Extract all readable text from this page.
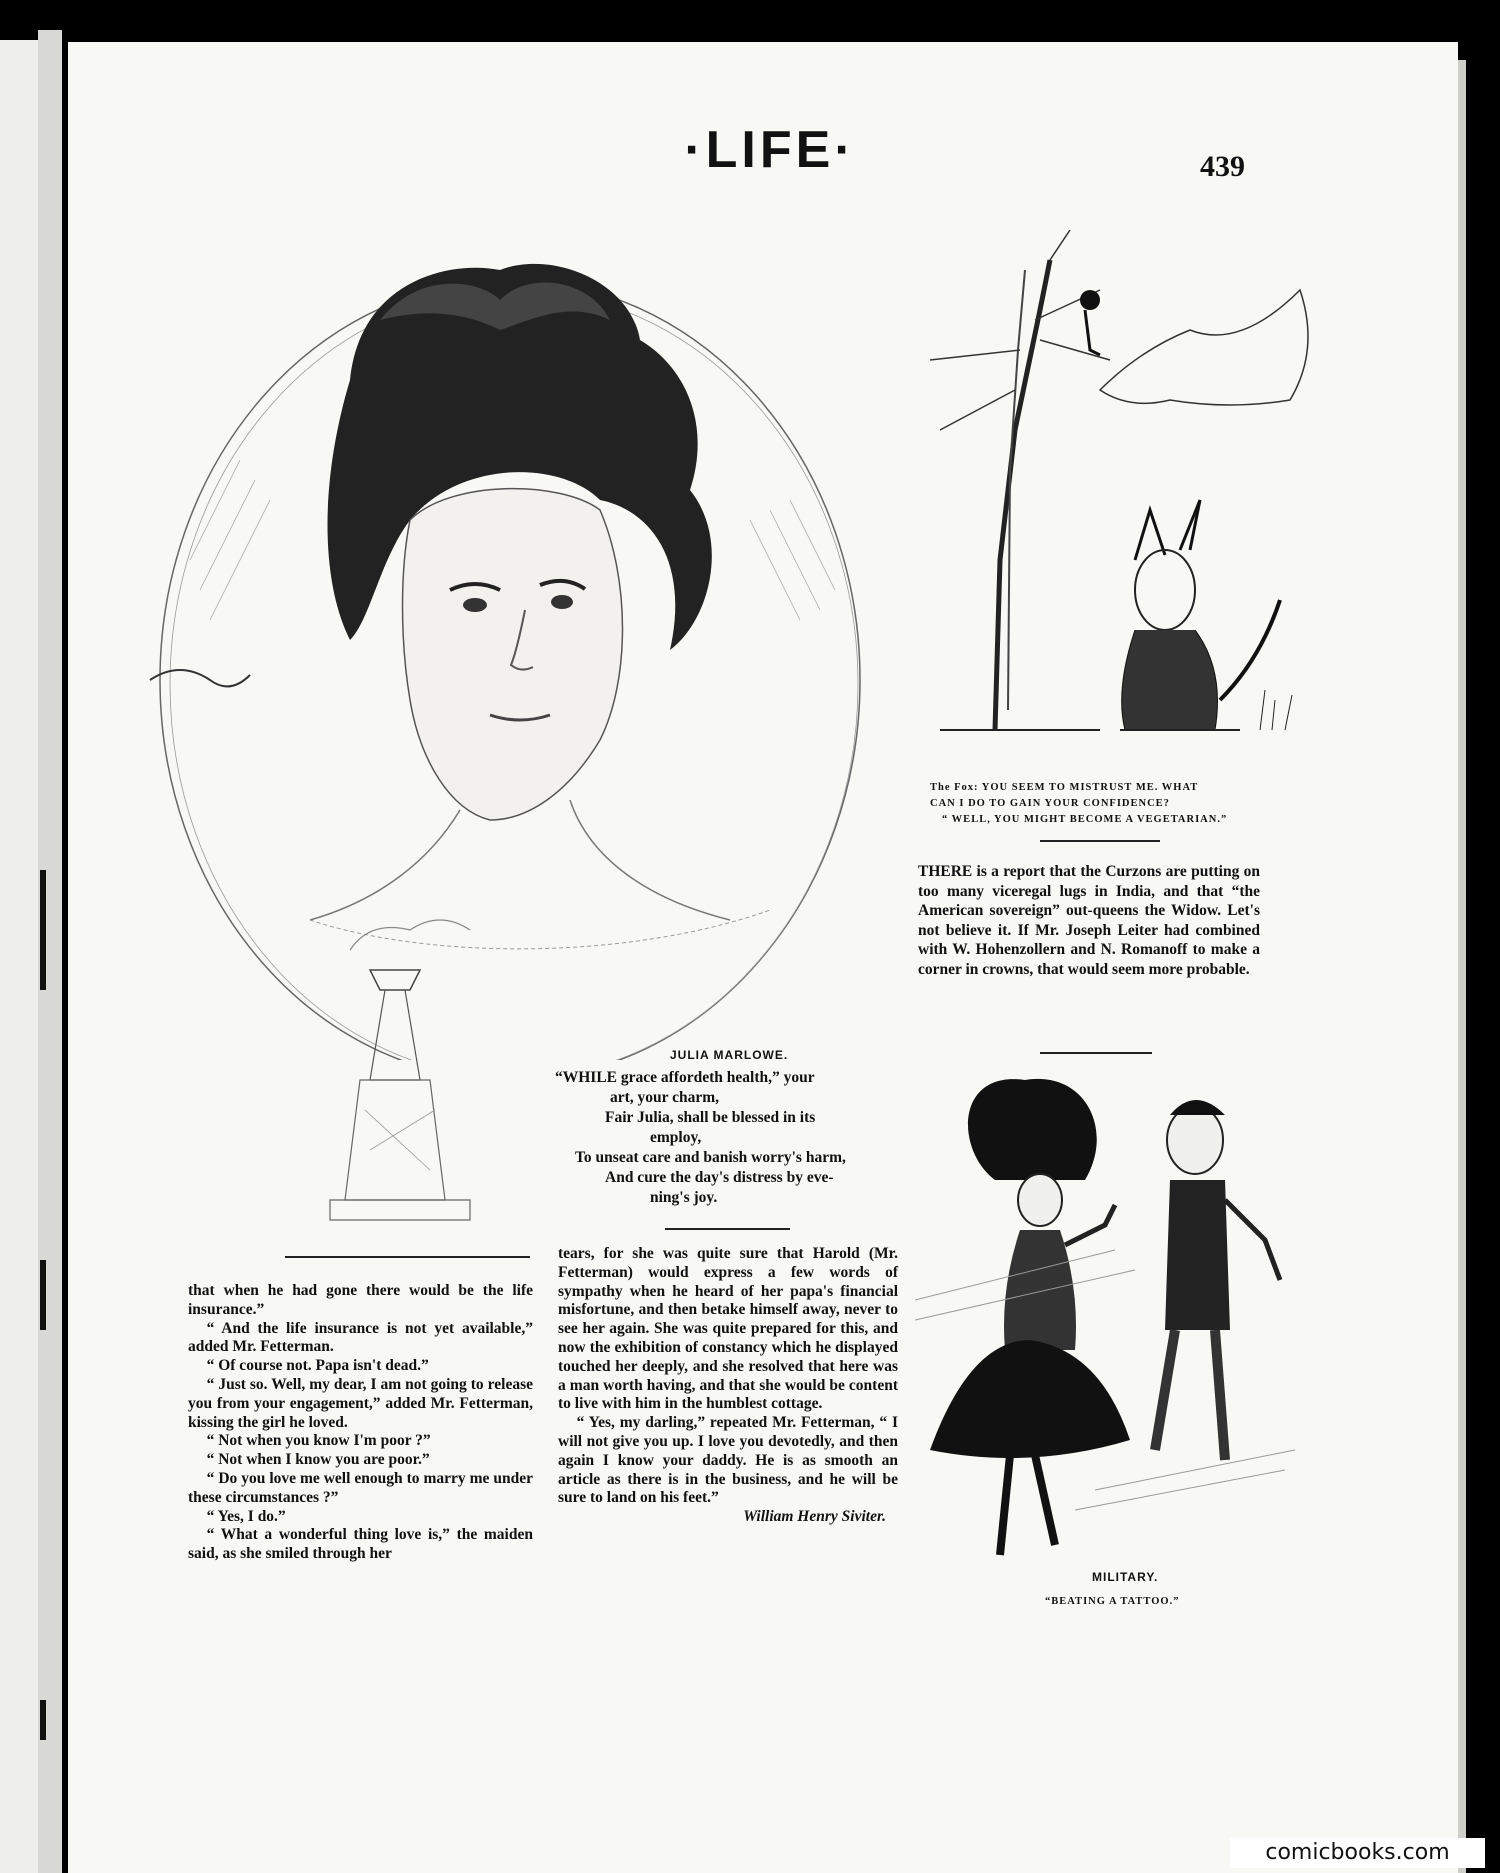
·LIFE·	439
JULIA MARLOWE.
“WHILE grace affordeth health,” your
art, your charm,
Fair Julia, shall be blessed in its
employ,
To unseat care and banish worry's harm,
And cure the day's distress by eve-
ning's joy.
The Fox: YOU SEEM TO MISTRUST ME. WHAT
CAN I DO TO GAIN YOUR CONFIDENCE?
“ WELL, YOU MIGHT BECOME A VEGETARIAN.”
THERE is a report that the Curzons are putting on too many viceregal lugs in India, and that “the American sovereign” out-queens the Widow. Let's not believe it. If Mr. Joseph Leiter had combined with W. Hohenzollern and N. Romanoff to make a corner in crowns, that would seem more probable.
MILITARY.
“BEATING A TATTOO.”

that when he had gone there would be the life insurance.”

“ And the life insurance is not yet available,” added Mr. Fetterman.

“ Of course not. Papa isn't dead.”

“ Just so. Well, my dear, I am not going to release you from your engagement,” added Mr. Fetterman, kissing the girl he loved.

“ Not when you know I'm poor ?”

“ Not when I know you are poor.”

“ Do you love me well enough to marry me under these circumstances ?”

“ Yes, I do.”

“ What a wonderful thing love is,” the maiden said, as she smiled through her

tears, for she was quite sure that Harold (Mr. Fetterman) would express a few words of sympathy when he heard of her papa's financial misfortune, and then betake himself away, never to see her again. She was quite prepared for this, and now the exhibition of constancy which he displayed touched her deeply, and she resolved that here was a man worth having, and that she would be content to live with him in the humblest cottage.

“ Yes, my darling,” repeated Mr. Fetterman, “ I will not give you up. I love you devotedly, and then again I know your daddy. He is as smooth an article as there is in the business, and he will be sure to land on his feet.”

William Henry Siviter.

comicbooks.com
